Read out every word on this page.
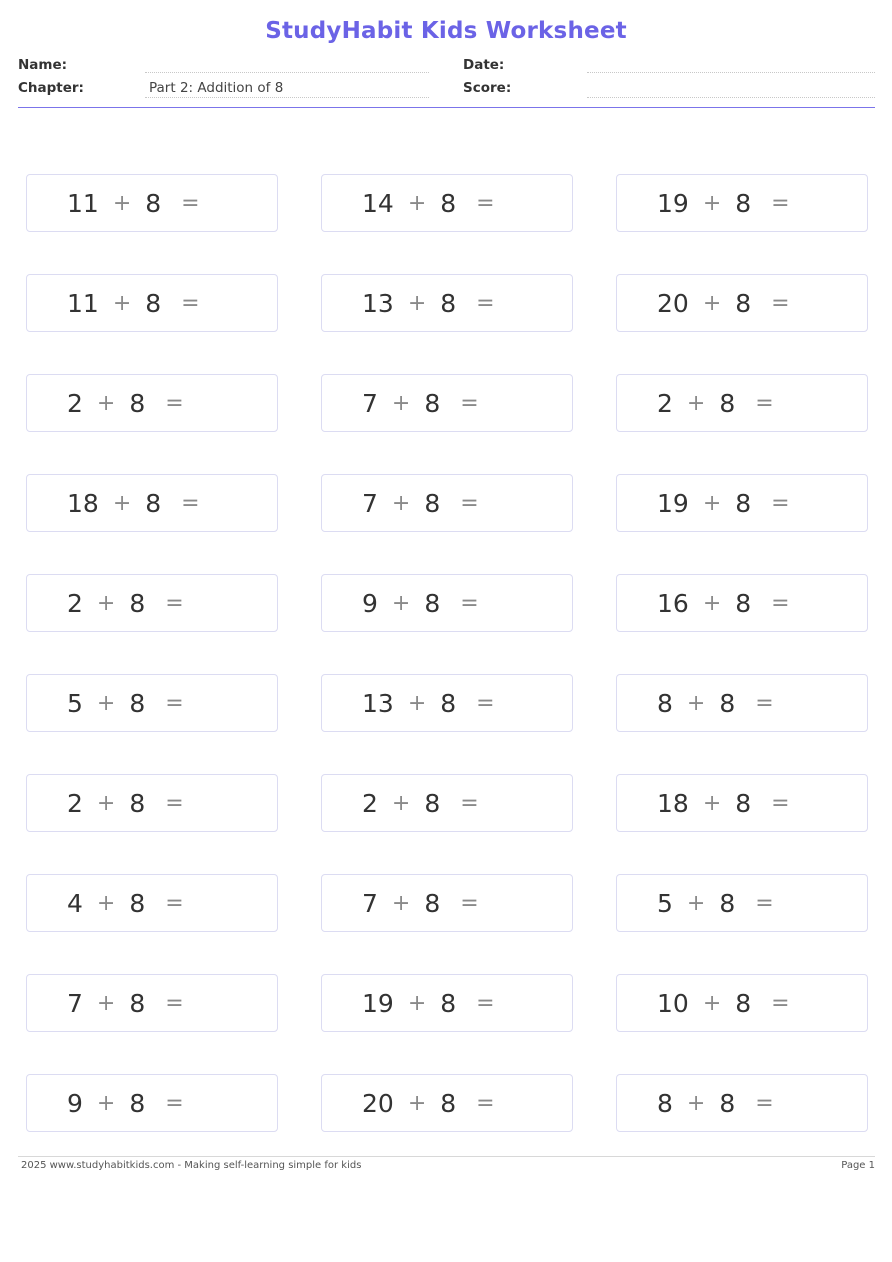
StudyHabit Kids Worksheet
Name:
Chapter:	Part 2: Addition of 8
Date:
Score:
11 + 8 =	14 + 8 =	19 + 8 =
11 + 8 =	13 + 8 =	20 + 8 =
2 + 8 =	7 + 8 =	2 + 8 =
18 + 8 =	7 + 8 =	19 + 8 =
2 + 8 =	9 + 8 =	16 + 8 =
5 + 8 =	13 + 8 =	8 + 8 =
2 + 8 =	2 + 8 =	18 + 8 =
4 + 8 =	7 + 8 =	5 + 8 =
7 + 8 =	19 + 8 =	10 + 8 =
9 + 8 =	20 + 8 =	8 + 8 =
2025 www.studyhabitkids.com - Making self-learning simple for kids	Page 1
